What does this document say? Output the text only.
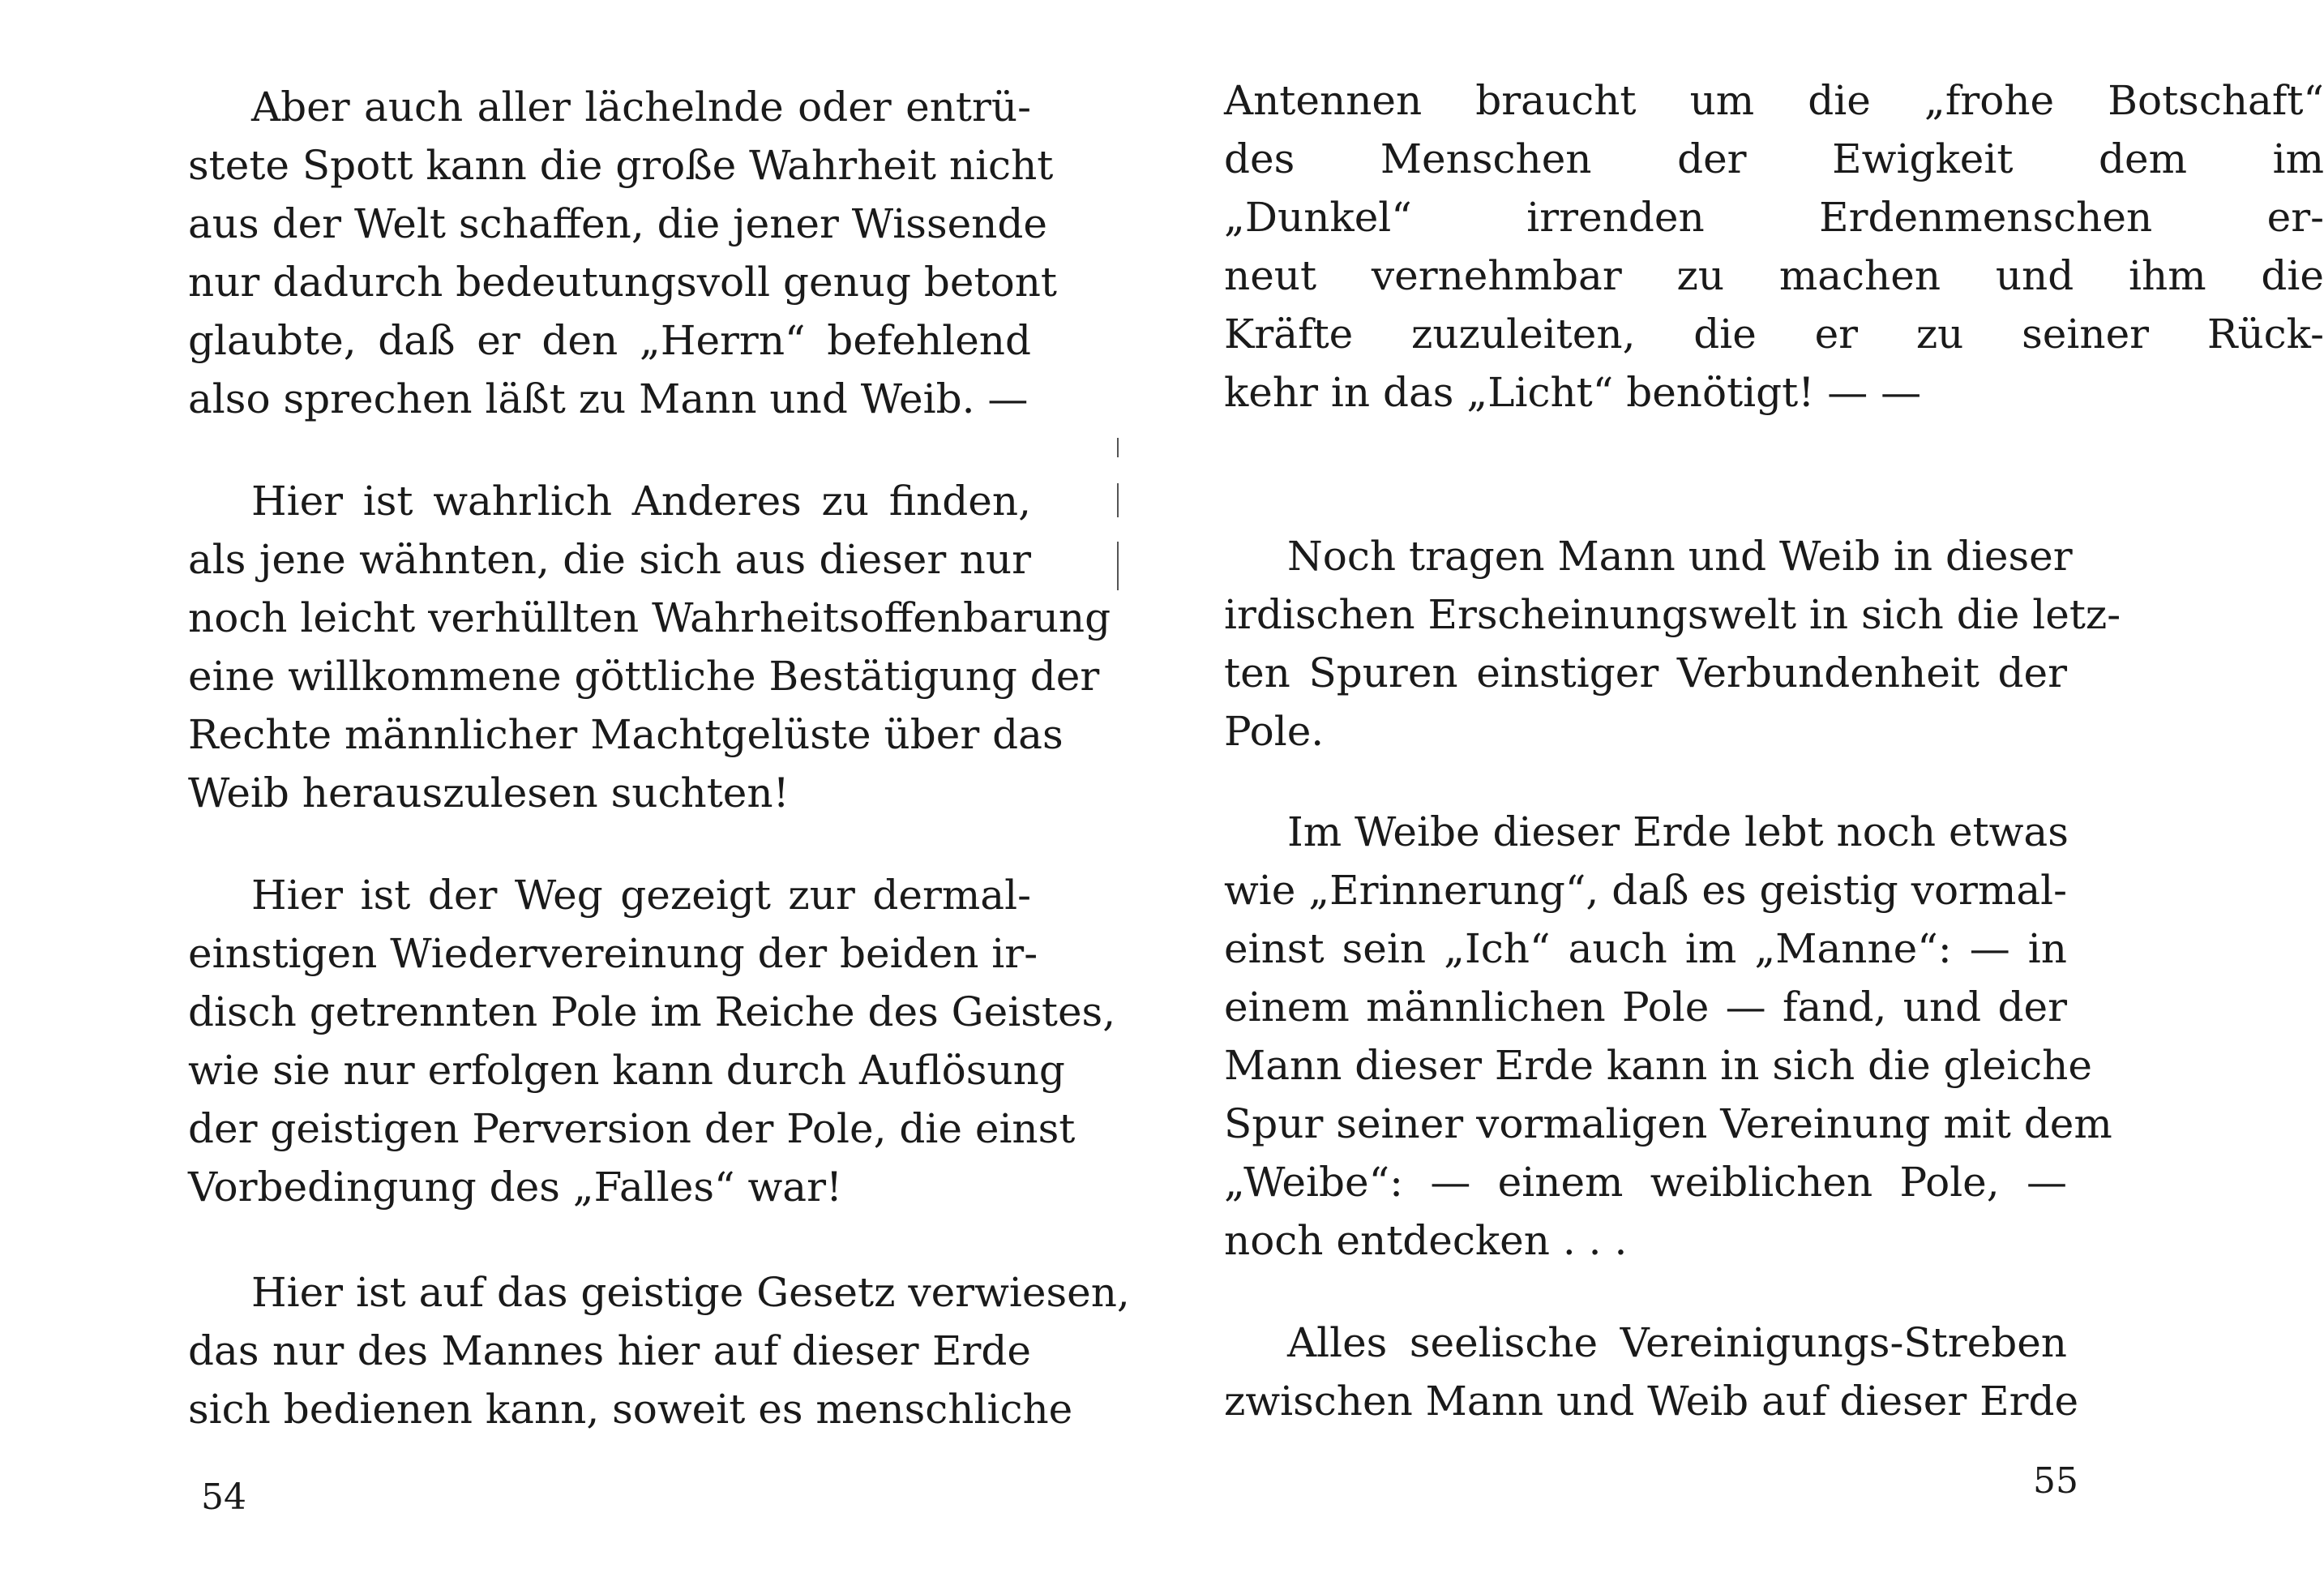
Aber auch aller lächelnde oder entrü-
stete Spott kann die große Wahrheit nicht
aus der Welt schaffen, die jener Wissende
nur dadurch bedeutungsvoll genug betont
glaubte, daß er den „Herrn“ befehlend
also sprechen läßt zu Mann und Weib. —
Hier ist wahrlich Anderes zu finden,
als jene wähnten, die sich aus dieser nur
noch leicht verhüllten Wahrheitsoffenbarung
eine willkommene göttliche Bestätigung der
Rechte männlicher Machtgelüste über das
Weib herauszulesen suchten!
Hier ist der Weg gezeigt zur dermal-
einstigen Wiedervereinung der beiden ir-
disch getrennten Pole im Reiche des Geistes,
wie sie nur erfolgen kann durch Auflösung
der geistigen Perversion der Pole, die einst
Vorbedingung des „Falles“ war!
Hier ist auf das geistige Gesetz verwiesen,
das nur des Mannes hier auf dieser Erde
sich bedienen kann, soweit es menschliche

54

Antennen braucht um die „frohe Botschaft“
des Menschen der Ewigkeit dem im
„Dunkel“ irrenden Erdenmenschen er-
neut vernehmbar zu machen und ihm die
Kräfte zuzuleiten, die er zu seiner Rück-
kehr in das „Licht“ benötigt! — —
Noch tragen Mann und Weib in dieser
irdischen Erscheinungswelt in sich die letz-
ten Spuren einstiger Verbundenheit der
Pole.
Im Weibe dieser Erde lebt noch etwas
wie „Erinnerung“, daß es geistig vormal-
einst sein „Ich“ auch im „Manne“: — in
einem männlichen Pole — fand, und der
Mann dieser Erde kann in sich die gleiche
Spur seiner vormaligen Vereinung mit dem
„Weibe“: — einem weiblichen Pole, —
noch entdecken . . .
Alles seelische Vereinigungs-Streben
zwischen Mann und Weib auf dieser Erde

55
